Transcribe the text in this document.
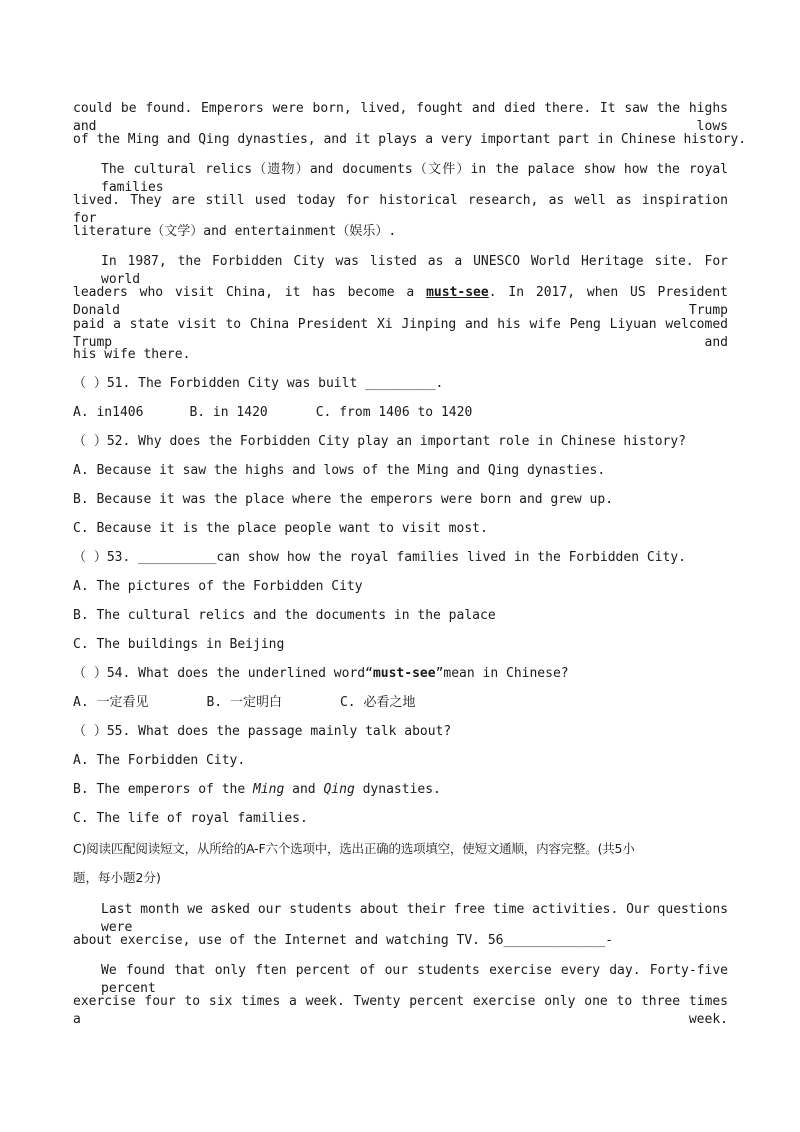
could be found. Emperors were born, lived, fought and died there. It saw the highs and lows
of the Ming and Qing dynasties, and it plays a very important part in Chinese history.
The cultural relics（遗物）and documents（文件）in the palace show how the royal families
lived. They are still used today for historical research, as well as inspiration for
literature（文学）and entertainment（娱乐）.
In 1987, the Forbidden City was listed as a UNESCO World Heritage site. For world
leaders who visit China, it has become a must-see. In 2017, when US President Donald Trump
paid a state visit to China President Xi Jinping and his wife Peng Liyuan welcomed Trump and
his wife there.
（ ）51. The Forbidden City was built _________.
A. in1406	B. in 1420	C. from 1406 to 1420
（ ）52. Why does the Forbidden City play an important role in Chinese history?
A. Because it saw the highs and lows of the Ming and Qing dynasties.
B. Because it was the place where the emperors were born and grew up.
C. Because it is the place people want to visit most.
（ ）53. __________can show how the royal families lived in the Forbidden City.
A. The pictures of the Forbidden City
B. The cultural relics and the documents in the palace
C. The buildings in Beijing
（ ）54. What does the underlined word“must-see”mean in Chinese?
A. 一定看见	B. 一定明白	C. 必看之地
（ ）55. What does the passage mainly talk about?
A. The Forbidden City.
B. The emperors of the Ming and Qing dynasties.
C. The life of royal families.
C)阅读匹配阅读短文，从所给的A-F六个选项中，选出正确的选项填空，使短文通顺，内容完整。(共5小
题，每小题2分)
Last month we asked our students about their free time activities. Our questions were
about exercise, use of the Internet and watching TV. 56_____________-
We found that only ften percent of our students exercise every day. Forty-five percent
exercise four to six times a week. Twenty percent exercise only one to three times a week.
